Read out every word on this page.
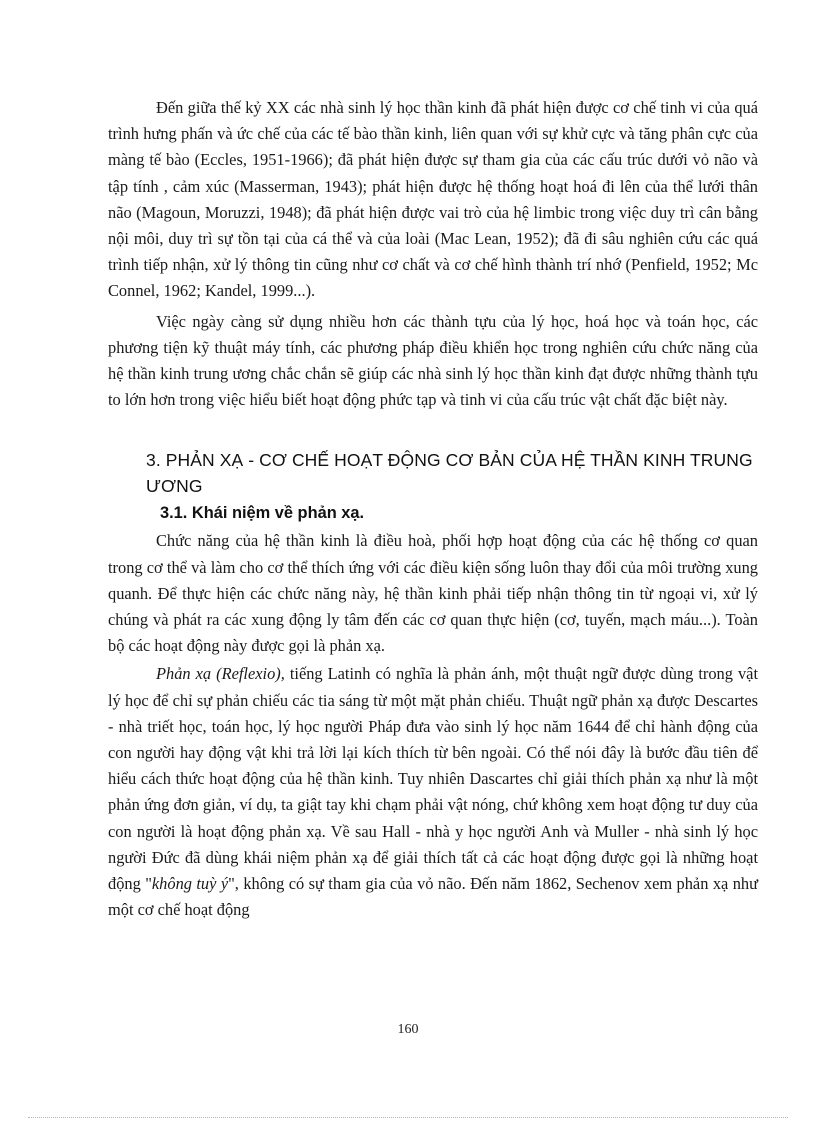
Đến giữa thế kỷ XX các nhà sinh lý học thần kinh đã phát hiện được cơ chế tinh vi của quá trình hưng phấn và ức chế của các tế bào thần kinh, liên quan với sự khử cực và tăng phân cực của màng tế bào (Eccles, 1951-1966); đã phát hiện được sự tham gia của các cấu trúc dưới vỏ não và tập tính , cảm xúc (Masserman, 1943); phát hiện được hệ thống hoạt hoá đi lên của thể lưới thân não (Magoun, Moruzzi, 1948); đã phát hiện được vai trò của hệ limbic trong việc duy trì cân bằng nội môi, duy trì sự tồn tại của cá thể và của loài (Mac Lean, 1952); đã đi sâu nghiên cứu các quá trình tiếp nhận, xử lý thông tin cũng như cơ chất và cơ chế hình thành trí nhớ (Penfield, 1952; Mc Connel, 1962; Kandel, 1999...).

Việc ngày càng sử dụng nhiều hơn các thành tựu của lý học, hoá học và toán học, các phương tiện kỹ thuật máy tính, các phương pháp điều khiển học trong nghiên cứu chức năng của hệ thần kinh trung ương chắc chắn sẽ giúp các nhà sinh lý học thần kinh đạt được những thành tựu to lớn hơn trong việc hiểu biết hoạt động phức tạp và tinh vi của cấu trúc vật chất đặc biệt này.

3. PHẢN XẠ - CƠ CHẾ HOẠT ĐỘNG CƠ BẢN CỦA HỆ THẦN KINH TRUNG ƯƠNG
3.1. Khái niệm về phản xạ.

Chức năng của hệ thần kinh là điều hoà, phối hợp hoạt động của các hệ thống cơ quan trong cơ thể và làm cho cơ thể thích ứng với các điều kiện sống luôn thay đổi của môi trường xung quanh. Để thực hiện các chức năng này, hệ thần kinh phải tiếp nhận thông tin từ ngoại vi, xử lý chúng và phát ra các xung động ly tâm đến các cơ quan thực hiện (cơ, tuyến, mạch máu...). Toàn bộ các hoạt động này được gọi là phản xạ.

Phản xạ (Reflexio), tiếng Latinh có nghĩa là phản ánh, một thuật ngữ được dùng trong vật lý học để chỉ sự phản chiếu các tia sáng từ một mặt phản chiếu. Thuật ngữ phản xạ được Descartes - nhà triết học, toán học, lý học người Pháp đưa vào sinh lý học năm 1644 để chỉ hành động của con người hay động vật khi trả lời lại kích thích từ bên ngoài. Có thể nói đây là bước đầu tiên để hiểu cách thức hoạt động của hệ thần kinh. Tuy nhiên Dascartes chỉ giải thích phản xạ như là một phản ứng đơn giản, ví dụ, ta giật tay khi chạm phải vật nóng, chứ không xem hoạt động tư duy của con người là hoạt động phản xạ. Về sau Hall - nhà y học người Anh và Muller - nhà sinh lý học người Đức đã dùng khái niệm phản xạ để giải thích tất cả các hoạt động được gọi là những hoạt động "không tuỳ ý", không có sự tham gia của vỏ não. Đến năm 1862, Sechenov xem phản xạ như một cơ chế hoạt động

160
